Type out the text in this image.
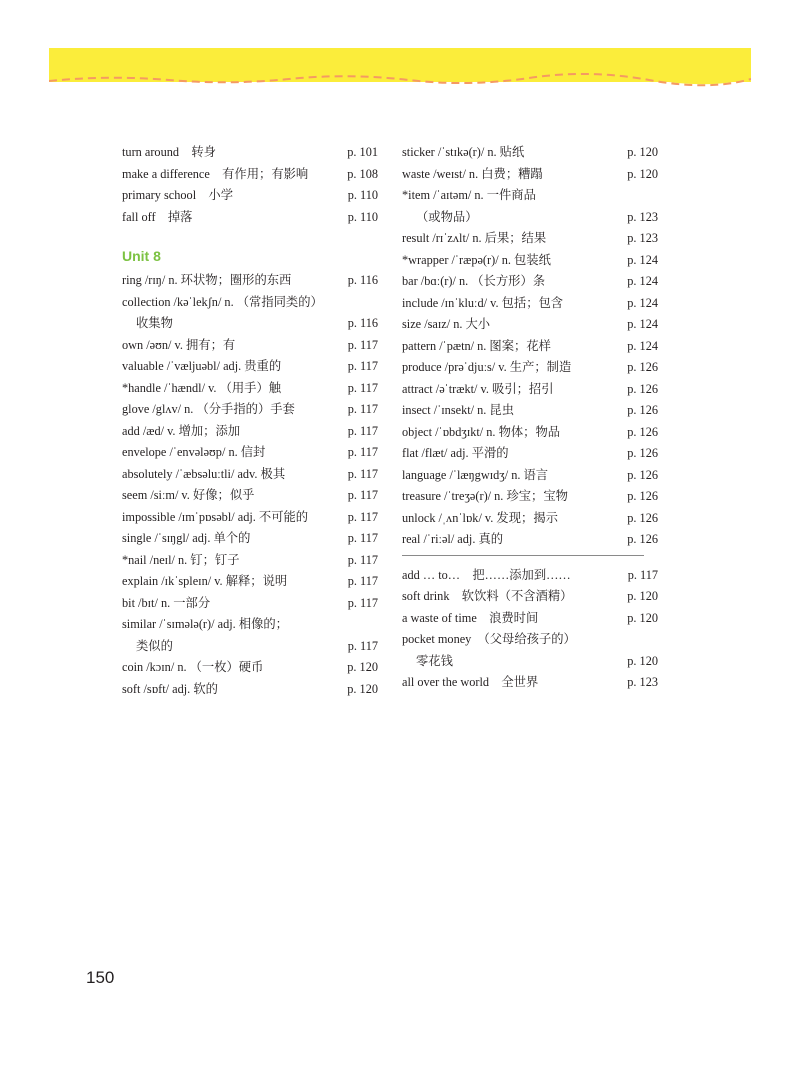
turn around　转身	p. 101
make a difference　有作用；有影响	p. 108
primary school　小学	p. 110
fall off　掉落	p. 110
Unit 8
ring /rɪŋ/ n. 环状物；圈形的东西	p. 116
collection /kəˈlekʃn/ n. （常指同类的）
收集物	p. 116
own /əʊn/ v. 拥有；有	p. 117
valuable /ˈvæljuəbl/ adj. 贵重的	p. 117
*handle /ˈhændl/ v. （用手）触	p. 117
glove /glʌv/ n. （分手指的）手套	p. 117
add /æd/ v. 增加；添加	p. 117
envelope /ˈenvələʊp/ n. 信封	p. 117
absolutely /ˈæbsəluːtli/ adv. 极其	p. 117
seem /siːm/ v. 好像；似乎	p. 117
impossible /ɪmˈpɒsəbl/ adj. 不可能的	p. 117
single /ˈsɪŋgl/ adj. 单个的	p. 117
*nail /neɪl/ n. 钉；钉子	p. 117
explain /ɪkˈspleɪn/ v. 解释；说明	p. 117
bit /bɪt/ n. 一部分	p. 117
similar /ˈsɪmələ(r)/ adj. 相像的；
类似的	p. 117
coin /kɔɪn/ n. （一枚）硬币	p. 120
soft /sɒft/ adj. 软的	p. 120
sticker /ˈstɪkə(r)/ n. 贴纸	p. 120
waste /weɪst/ n. 白费；糟蹋	p. 120
*item /ˈaɪtəm/ n. 一件商品
（或物品）	p. 123
result /rɪˈzʌlt/ n. 后果；结果	p. 123
*wrapper /ˈræpə(r)/ n. 包装纸	p. 124
bar /bɑː(r)/ n. （长方形）条	p. 124
include /ɪnˈkluːd/ v. 包括；包含	p. 124
size /saɪz/ n. 大小	p. 124
pattern /ˈpætn/ n. 图案；花样	p. 124
produce /prəˈdjuːs/ v. 生产；制造	p. 126
attract /əˈtrækt/ v. 吸引；招引	p. 126
insect /ˈɪnsekt/ n. 昆虫	p. 126
object /ˈɒbdʒɪkt/ n. 物体；物品	p. 126
flat /flæt/ adj. 平滑的	p. 126
language /ˈlæŋgwɪdʒ/ n. 语言	p. 126
treasure /ˈtreʒə(r)/ n. 珍宝；宝物	p. 126
unlock /ˌʌnˈlɒk/ v. 发现；揭示	p. 126
real /ˈriːəl/ adj. 真的	p. 126
add … to…　把……添加到……	p. 117
soft drink　软饮料（不含酒精）	p. 120
a waste of time　浪费时间	p. 120
pocket money　（父母给孩子的）
零花钱	p. 120
all over the world　全世界	p. 123
150
